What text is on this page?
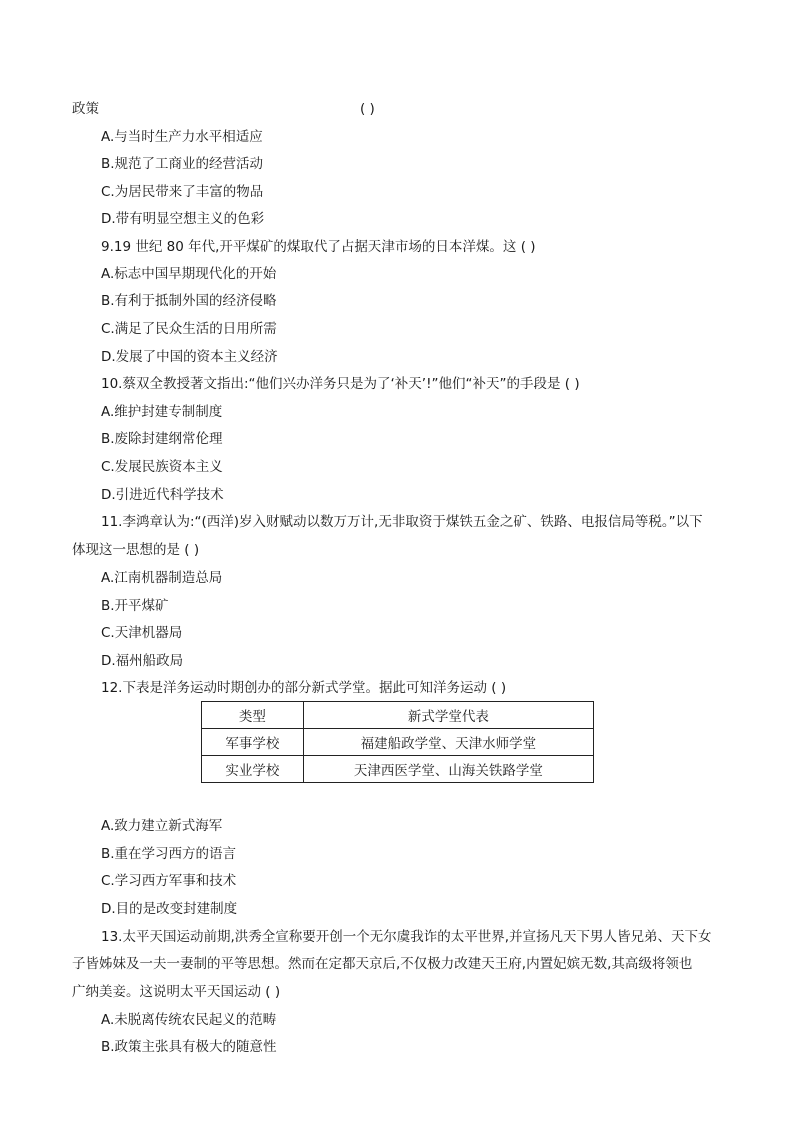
政策	( )
A.与当时生产力水平相适应
B.规范了工商业的经营活动
C.为居民带来了丰富的物品
D.带有明显空想主义的色彩
9.19 世纪 80 年代,开平煤矿的煤取代了占据天津市场的日本洋煤。这 ( )
A.标志中国早期现代化的开始
B.有利于抵制外国的经济侵略
C.满足了民众生活的日用所需
D.发展了中国的资本主义经济
10.蔡双全教授著文指出:“他们兴办洋务只是为了‘补天’!”他们“补天”的手段是 ( )
A.维护封建专制制度
B.废除封建纲常伦理
C.发展民族资本主义
D.引进近代科学技术
11.李鸿章认为:“(西洋)岁入财赋动以数万万计,无非取资于煤铁五金之矿、铁路、电报信局等税。”以下
体现这一思想的是 ( )
A.江南机器制造总局
B.开平煤矿
C.天津机器局
D.福州船政局
12.下表是洋务运动时期创办的部分新式学堂。据此可知洋务运动 ( )
类型	新式学堂代表
军事学校	福建船政学堂、天津水师学堂
实业学校	天津西医学堂、山海关铁路学堂
A.致力建立新式海军
B.重在学习西方的语言
C.学习西方军事和技术
D.目的是改变封建制度
13.太平天国运动前期,洪秀全宣称要开创一个无尔虞我诈的太平世界,并宣扬凡天下男人皆兄弟、天下女
子皆姊妹及一夫一妻制的平等思想。然而在定都天京后,不仅极力改建天王府,内置妃嫔无数,其高级将领也
广纳美妾。这说明太平天国运动 ( )
A.未脱离传统农民起义的范畴
B.政策主张具有极大的随意性
